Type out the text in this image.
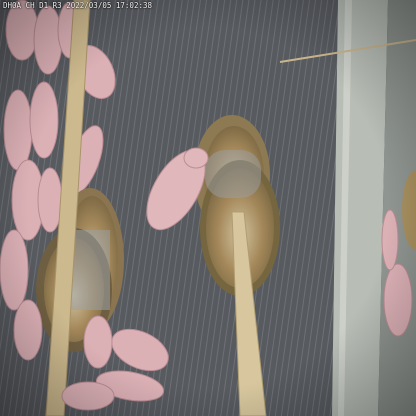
DH0A CH D1 R3 2022/03/05 17:02:38
